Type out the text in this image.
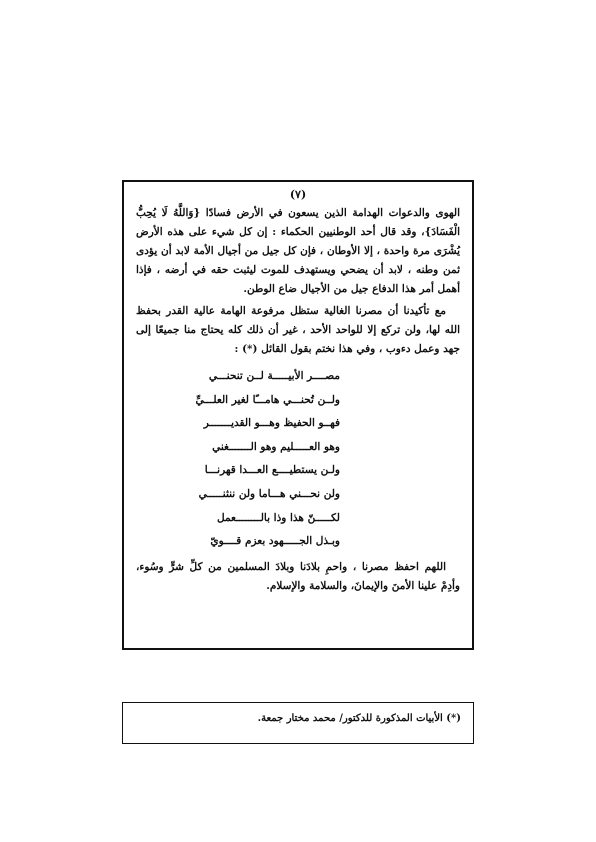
(٧)

الهوى والدعوات الهدامة الذين يسعون في الأرض فسادًا {وَاللَّهُ لَا يُحِبُّ الْفَسَادَ}، وقد قال أحد الوطنيين الحكماء : إن كل شيء على هذه الأرض يُشْرَى مرة واحدة ، إلا الأوطان ، فإن كل جيل من أجيال الأمة لابد أن يؤدى ثمن وطنه ، لابد أن يضحي ويستهدف للموت ليثبت حقه في أرضه ، فإذا أهمل أمر هذا الدفاع جيل من الأجيال ضاع الوطن.

مع تأكيدنا أن مصرنا الغالية ستظل مرفوعة الهامة عالية القدر بحفظ الله لها، ولن تركع إلا للواحد الأحد ، غير أن ذلك كله يحتاج منا جميعًا إلى جهد وعمل دءوب ، وفي هذا نختم بقول القائل (*) :

مصــــر الأبيـــــة لــن تنحنـــي
ولــن تُحنـــي هامـــًا لغير العلـــيِّ
فهــو الحفيظ وهـــو القديـــــــر
وهو العـــــليم وهو الـــــــغني
ولـن يستطيــــع العـــدا قهرنـــا
ولن نحـــني هـــاما ولن ننثنـــــي
لكـــــنّ هذا وذا بالــــــــعمل
وبـذل الجـــــهود بعزم قــــويّ

اللهم احفظ مصرنا ، واحمِ بلادَنا وبلادَ المسلمين من كلِّ شرٍّ وسُوء، وأدِمْ علينا الأمنَ والإيمانَ، والسلامة والإسلام.

(*) الأبيات المذكورة للدكتور/ محمد مختار جمعة.
